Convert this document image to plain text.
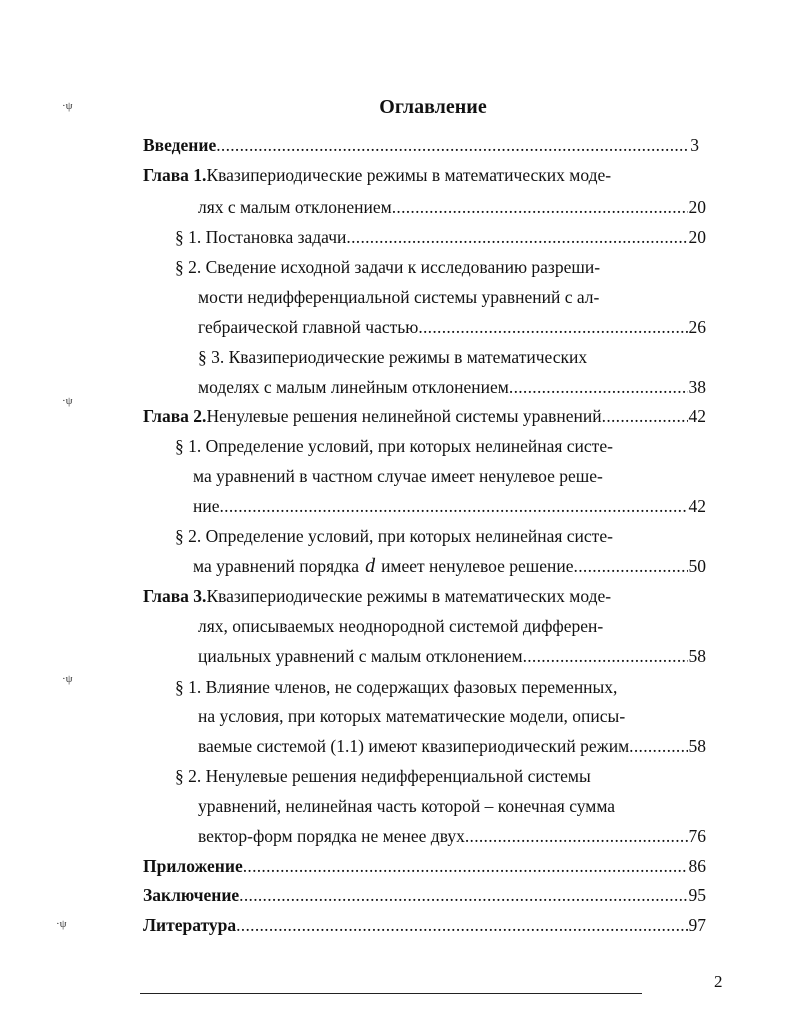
·ψ
·ψ
·ψ
·ψ
Оглавление
Введение .....	3
Глава 1. Квазипериодические режимы в математических моде-
лях с малым отклонением .....	20
§ 1. Постановка задачи .....	20
§ 2. Сведение исходной задачи к исследованию разреши-
мости недифференциальной системы уравнений с ал-
гебраической главной частью .....	26
§ 3. Квазипериодические режимы в математических
моделях с малым линейным отклонением .....	38
Глава 2. Ненулевые решения нелинейной системы уравнений .....	42
§ 1. Определение условий, при которых нелинейная систе-
ма уравнений в частном случае имеет ненулевое реше-
ние .....	42
§ 2. Определение условий, при которых нелинейная систе-
ма уравнений порядка d имеет ненулевое решение .....	50
Глава 3. Квазипериодические режимы в математических моде-
лях, описываемых неоднородной системой дифферен-
циальных уравнений с малым отклонением .....	58
§ 1. Влияние членов, не содержащих фазовых переменных,
на условия, при которых математические модели, описы-
ваемые системой (1.1) имеют квазипериодический режим .....	58
§ 2. Ненулевые решения недифференциальной системы
уравнений, нелинейная часть которой – конечная сумма
вектор-форм порядка не менее двух .....	76
Приложение .....	86
Заключение .....	95
Литература .....	97
2
